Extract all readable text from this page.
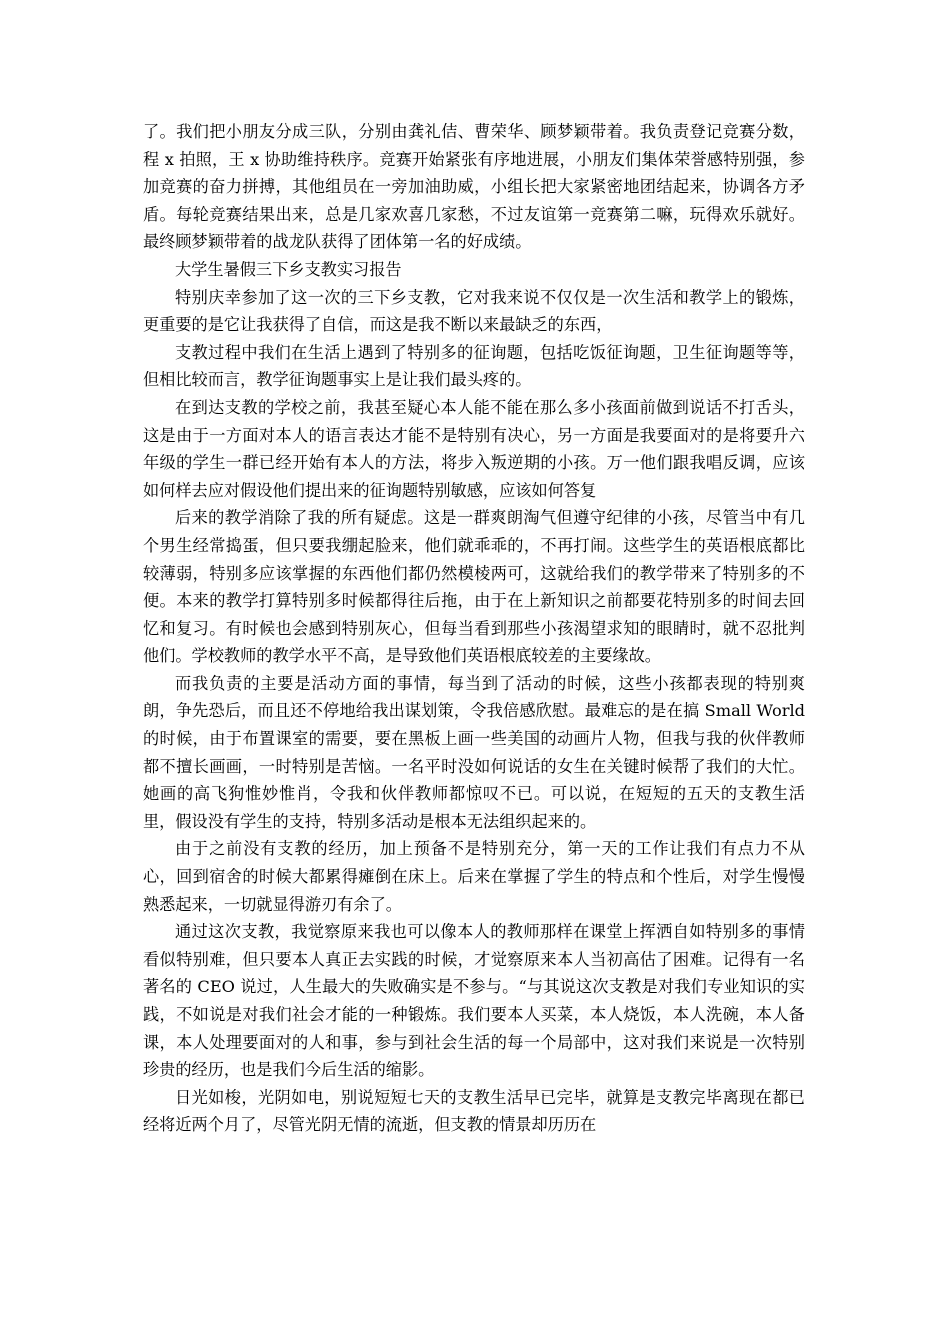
了。我们把小朋友分成三队，分别由龚礼佶、曹荣华、顾梦颖带着。我负责登记竞赛分数，程 x 拍照，王 x 协助维持秩序。竞赛开始紧张有序地进展，小朋友们集体荣誉感特别强，参加竞赛的奋力拼搏，其他组员在一旁加油助威，小组长把大家紧密地团结起来，协调各方矛盾。每轮竞赛结果出来，总是几家欢喜几家愁，不过友谊第一竞赛第二嘛，玩得欢乐就好。最终顾梦颖带着的战龙队获得了团体第一名的好成绩。

大学生暑假三下乡支教实习报告

特别庆幸参加了这一次的三下乡支教，它对我来说不仅仅是一次生活和教学上的锻炼，更重要的是它让我获得了自信，而这是我不断以来最缺乏的东西，

支教过程中我们在生活上遇到了特别多的征询题，包括吃饭征询题，卫生征询题等等，但相比较而言，教学征询题事实上是让我们最头疼的。

在到达支教的学校之前，我甚至疑心本人能不能在那么多小孩面前做到说话不打舌头，这是由于一方面对本人的语言表达才能不是特别有决心，另一方面是我要面对的是将要升六年级的学生一群已经开始有本人的方法，将步入叛逆期的小孩。万一他们跟我唱反调，应该如何样去应对假设他们提出来的征询题特别敏感，应该如何答复

后来的教学消除了我的所有疑虑。这是一群爽朗淘气但遵守纪律的小孩，尽管当中有几个男生经常捣蛋，但只要我绷起脸来，他们就乖乖的，不再打闹。这些学生的英语根底都比较薄弱，特别多应该掌握的东西他们都仍然模棱两可，这就给我们的教学带来了特别多的不便。本来的教学打算特别多时候都得往后拖，由于在上新知识之前都要花特别多的时间去回忆和复习。有时候也会感到特别灰心，但每当看到那些小孩渴望求知的眼睛时，就不忍批判他们。学校教师的教学水平不高，是导致他们英语根底较差的主要缘故。

而我负责的主要是活动方面的事情，每当到了活动的时候，这些小孩都表现的特别爽朗，争先恐后，而且还不停地给我出谋划策，令我倍感欣慰。最难忘的是在搞 Small World 的时候，由于布置课室的需要，要在黑板上画一些美国的动画片人物，但我与我的伙伴教师都不擅长画画，一时特别是苦恼。一名平时没如何说话的女生在关键时候帮了我们的大忙。她画的高飞狗惟妙惟肖，令我和伙伴教师都惊叹不已。可以说，在短短的五天的支教生活里，假设没有学生的支持，特别多活动是根本无法组织起来的。

由于之前没有支教的经历，加上预备不是特别充分，第一天的工作让我们有点力不从心，回到宿舍的时候大都累得瘫倒在床上。后来在掌握了学生的特点和个性后，对学生慢慢熟悉起来，一切就显得游刃有余了。

通过这次支教，我觉察原来我也可以像本人的教师那样在课堂上挥洒自如特别多的事情看似特别难，但只要本人真正去实践的时候，才觉察原来本人当初高估了困难。记得有一名著名的 CEO 说过，人生最大的失败确实是不参与。“与其说这次支教是对我们专业知识的实践，不如说是对我们社会才能的一种锻炼。我们要本人买菜，本人烧饭，本人洗碗，本人备课，本人处理要面对的人和事，参与到社会生活的每一个局部中，这对我们来说是一次特别珍贵的经历，也是我们今后生活的缩影。

日光如梭，光阴如电，别说短短七天的支教生活早已完毕，就算是支教完毕离现在都已经将近两个月了，尽管光阴无情的流逝，但支教的情景却历历在
